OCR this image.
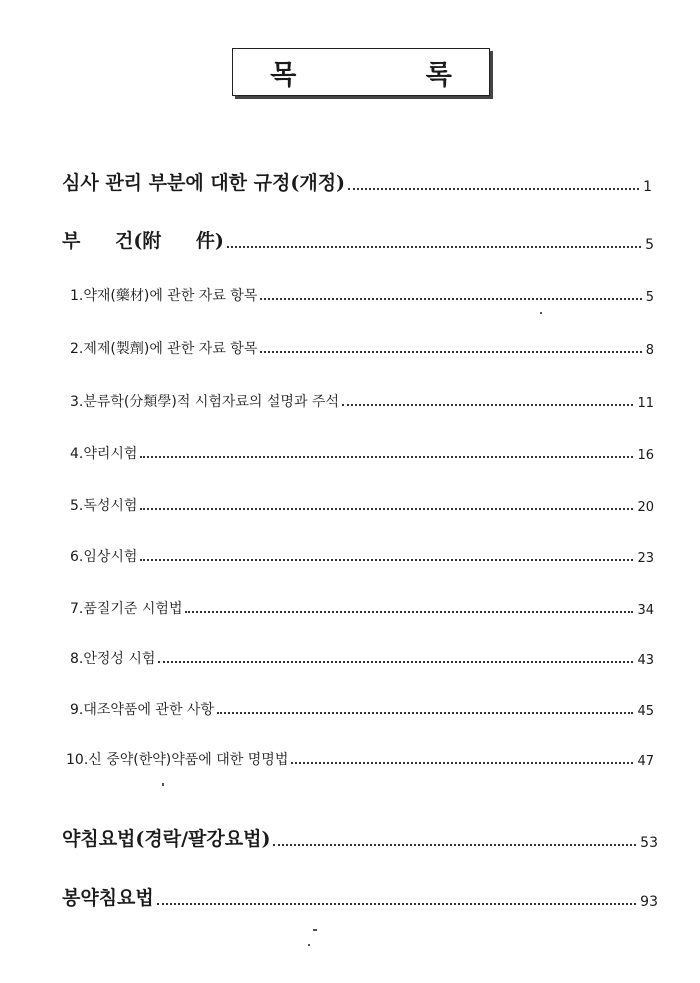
목 록
심사 관리 부분에 대한 규정(개정)	1
부 건(附 件)	5
1.약재(藥材)에 관한 자료 항목	5
2.제제(製劑)에 관한 자료 항목	8
3.분류학(分類學)적 시험자료의 설명과 주석	11
4.약리시험	16
5.독성시험	20
6.임상시험	23
7.품질기준 시험법	34
8.안정성 시험	43
9.대조약품에 관한 사항	45
10.신 중약(한약)약품에 대한 명명법	47
약침요법(경락/팔강요법)	53
봉약침요법	93
